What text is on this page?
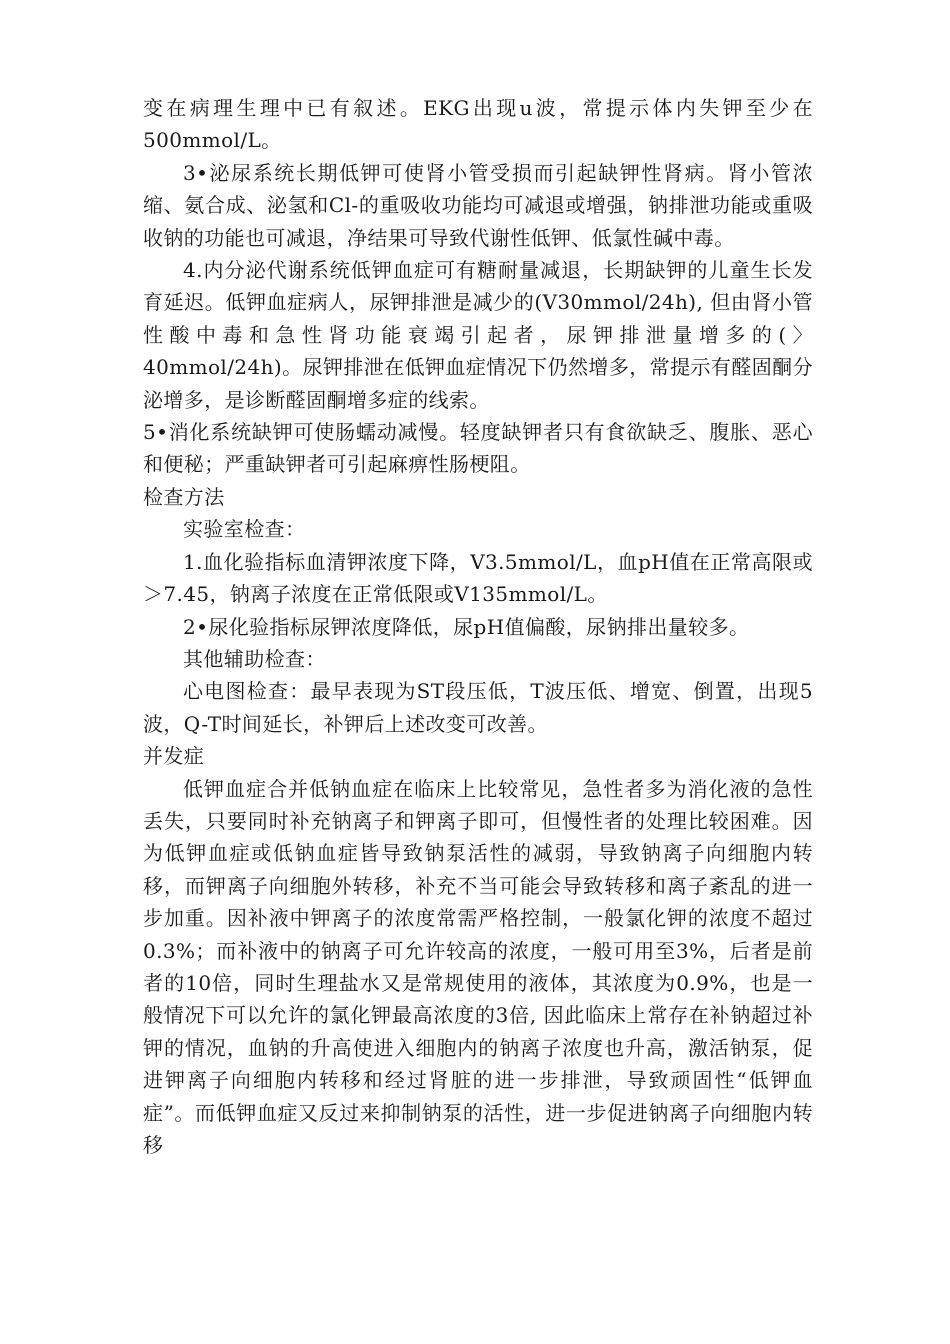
变在病理生理中已有叙述。EKG出现u波，常提示体内失钾至少在500mmol/L。

3•泌尿系统长期低钾可使肾小管受损而引起缺钾性肾病。肾小管浓缩、氨合成、泌氢和Cl-的重吸收功能均可减退或增强，钠排泄功能或重吸收钠的功能也可减退，净结果可导致代谢性低钾、低氯性碱中毒。

4.内分泌代谢系统低钾血症可有糖耐量减退，长期缺钾的儿童生长发育延迟。低钾血症病人，尿钾排泄是减少的(V30mmol/24h), 但由肾小管性酸中毒和急性肾功能衰竭引起者，尿钾排泄量增多的(〉40mmol/24h)。尿钾排泄在低钾血症情况下仍然增多，常提示有醛固酮分泌增多，是诊断醛固酮增多症的线索。

5•消化系统缺钾可使肠蠕动减慢。轻度缺钾者只有食欲缺乏、腹胀、恶心和便秘；严重缺钾者可引起麻痹性肠梗阻。

检查方法

实验室检查：

1.血化验指标血清钾浓度下降，V3.5mmol/L，血pH值在正常高限或＞7.45，钠离子浓度在正常低限或V135mmol/L。

2•尿化验指标尿钾浓度降低，尿pH值偏酸，尿钠排出量较多。

其他辅助检查：

心电图检查：最早表现为ST段压低，T波压低、增宽、倒置，出现5波，Q-T时间延长，补钾后上述改变可改善。

并发症

低钾血症合并低钠血症在临床上比较常见，急性者多为消化液的急性丢失，只要同时补充钠离子和钾离子即可，但慢性者的处理比较困难。因为低钾血症或低钠血症皆导致钠泵活性的减弱，导致钠离子向细胞内转移，而钾离子向细胞外转移，补充不当可能会导致转移和离子紊乱的进一步加重。因补液中钾离子的浓度常需严格控制，一般氯化钾的浓度不超过0.3%；而补液中的钠离子可允许较高的浓度，一般可用至3%，后者是前者的10倍，同时生理盐水又是常规使用的液体，其浓度为0.9%，也是一般情况下可以允许的氯化钾最高浓度的3倍, 因此临床上常存在补钠超过补钾的情况，血钠的升高使进入细胞内的钠离子浓度也升高，激活钠泵，促进钾离子向细胞内转移和经过肾脏的进一步排泄，导致顽固性“低钾血症”。而低钾血症又反过来抑制钠泵的活性，进一步促进钠离子向细胞内转移
